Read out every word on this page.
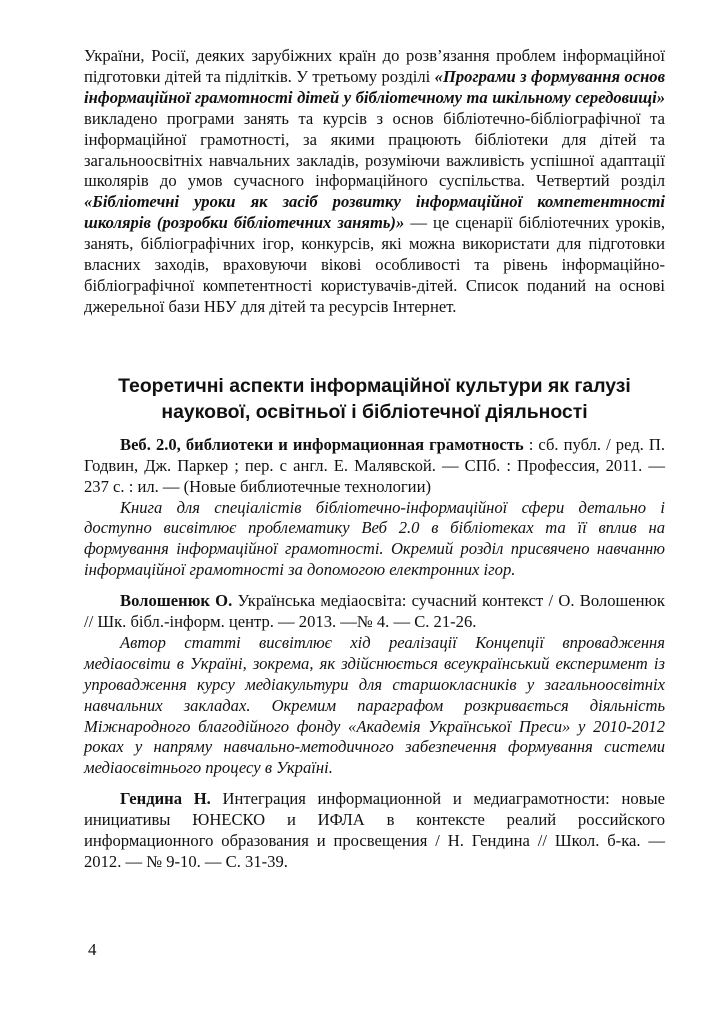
України, Росії, деяких зарубіжних країн до розв’язання проблем інформаційної підготовки дітей та підлітків. У третьому розділі «Програми з формування основ інформаційної грамотності дітей у бібліотечному та шкільному середовищі» викладено програми занять та курсів з основ бібліотечно-бібліографічної та інформаційної грамотності, за якими працюють бібліотеки для дітей та загальноосвітніх навчальних закладів, розуміючи важливість успішної адаптації школярів до умов сучасного інформаційного суспільства. Четвертий розділ «Бібліотечні уроки як засіб розвитку інформаційної компетентності школярів (розробки бібліотечних занять)» — це сценарії бібліотечних уроків, занять, бібліографічних ігор, конкурсів, які можна використати для підготовки власних заходів, враховуючи вікові особливості та рівень інформаційно-бібліографічної компетентності користувачів-дітей. Список поданий на основі джерельної бази НБУ для дітей та ресурсів Інтернет.

Теоретичні аспекти інформаційної культури як галузі наукової, освітньої і бібліотечної діяльності

Веб. 2.0, библиотеки и информационная грамотность : сб. публ. / ред. П. Годвин, Дж. Паркер ; пер. с англ. Е. Малявской. — СПб. : Профессия, 2011. — 237 с. : ил. — (Новые библиотечные технологии)

Книга для спеціалістів бібліотечно-інформаційної сфери детально і доступно висвітлює проблематику Веб 2.0 в бібліотеках та її вплив на формування інформаційної грамотності. Окремий розділ присвячено навчанню інформаційної грамотності за допомогою електронних ігор.

Волошенюк О. Українська медіаосвіта: сучасний контекст / О. Волошенюк // Шк. бібл.-інформ. центр. — 2013. —№ 4. — С. 21-26.

Автор статті висвітлює хід реалізації Концепції впровадження медіаосвіти в Україні, зокрема, як здійснюється всеукраїнський експеримент із упровадження курсу медіакультури для старшокласників у загальноосвітніх навчальних закладах. Окремим параграфом розкривається діяльність Міжнародного благодійного фонду «Академія Української Преси» у 2010-2012 роках у напряму навчально-методичного забезпечення формування системи медіаосвітнього процесу в Україні.

Гендина Н. Интеграция информационной и медиаграмотности: новые инициативы ЮНЕСКО и ИФЛА в контексте реалий российского информационного образования и просвещения / Н. Гендина // Школ. б-ка. — 2012. — № 9-10. — С. 31-39.

4
